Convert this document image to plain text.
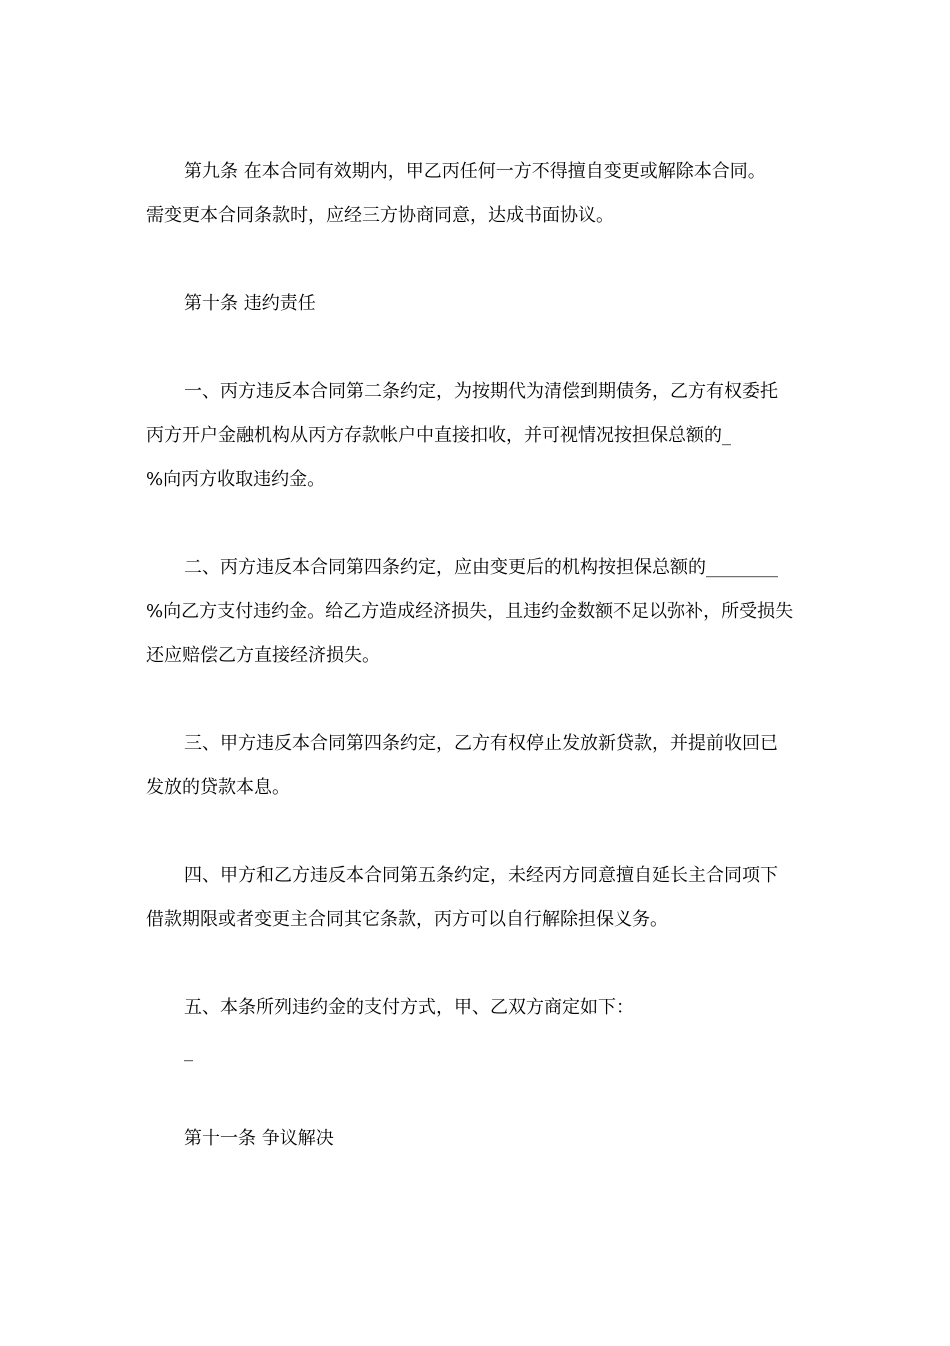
第九条 在本合同有效期内，甲乙丙任何一方不得擅自变更或解除本合同。
需变更本合同条款时，应经三方协商同意，达成书面协议。
第十条 违约责任
一、丙方违反本合同第二条约定，为按期代为清偿到期债务，乙方有权委托
丙方开户金融机构从丙方存款帐户中直接扣收，并可视情况按担保总额的_
%向丙方收取违约金。
二、丙方违反本合同第四条约定，应由变更后的机构按担保总额的________
%向乙方支付违约金。给乙方造成经济损失，且违约金数额不足以弥补，所受损失
还应赔偿乙方直接经济损失。
三、甲方违反本合同第四条约定，乙方有权停止发放新贷款，并提前收回已
发放的贷款本息。
四、甲方和乙方违反本合同第五条约定，未经丙方同意擅自延长主合同项下
借款期限或者变更主合同其它条款，丙方可以自行解除担保义务。
五、本条所列违约金的支付方式，甲、乙双方商定如下：
_
第十一条 争议解决
